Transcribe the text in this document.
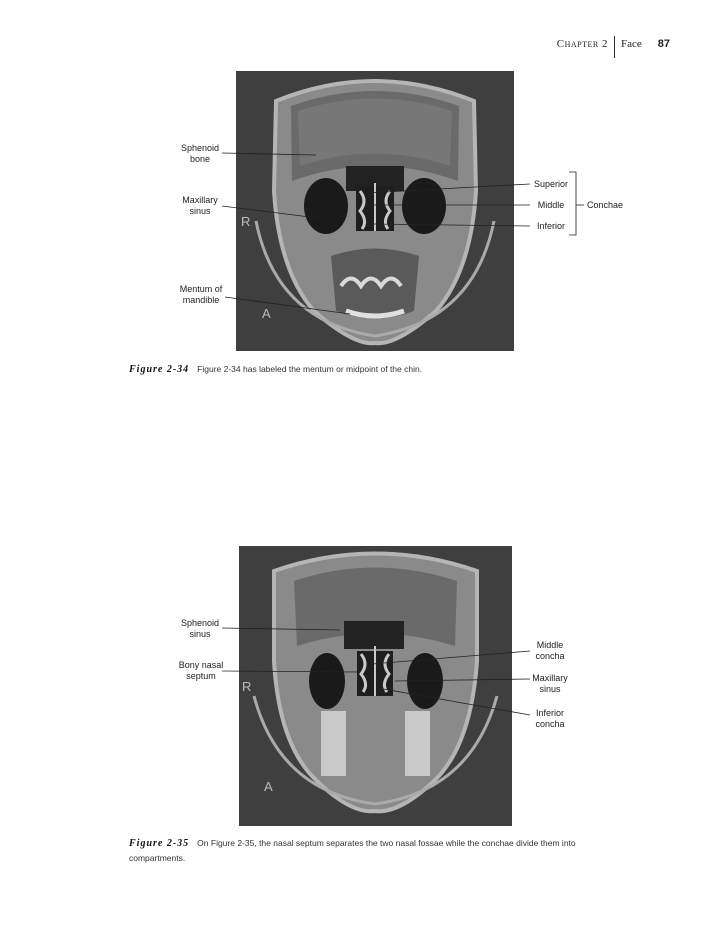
Chapter 2 Face 87
R
A
R
A
Sphenoid
bone
Maxillary
sinus
Mentum of
mandible
Superior
Middle
Inferior
Conchae
Figure 2-34 Figure 2-34 has labeled the mentum or midpoint of the chin.
Sphenoid
sinus
Bony nasal
septum
Middle
concha
Maxillary
sinus
Inferior
concha
Figure 2-35 On Figure 2-35, the nasal septum separates the two nasal fossae while the conchae divide them into compartments.
